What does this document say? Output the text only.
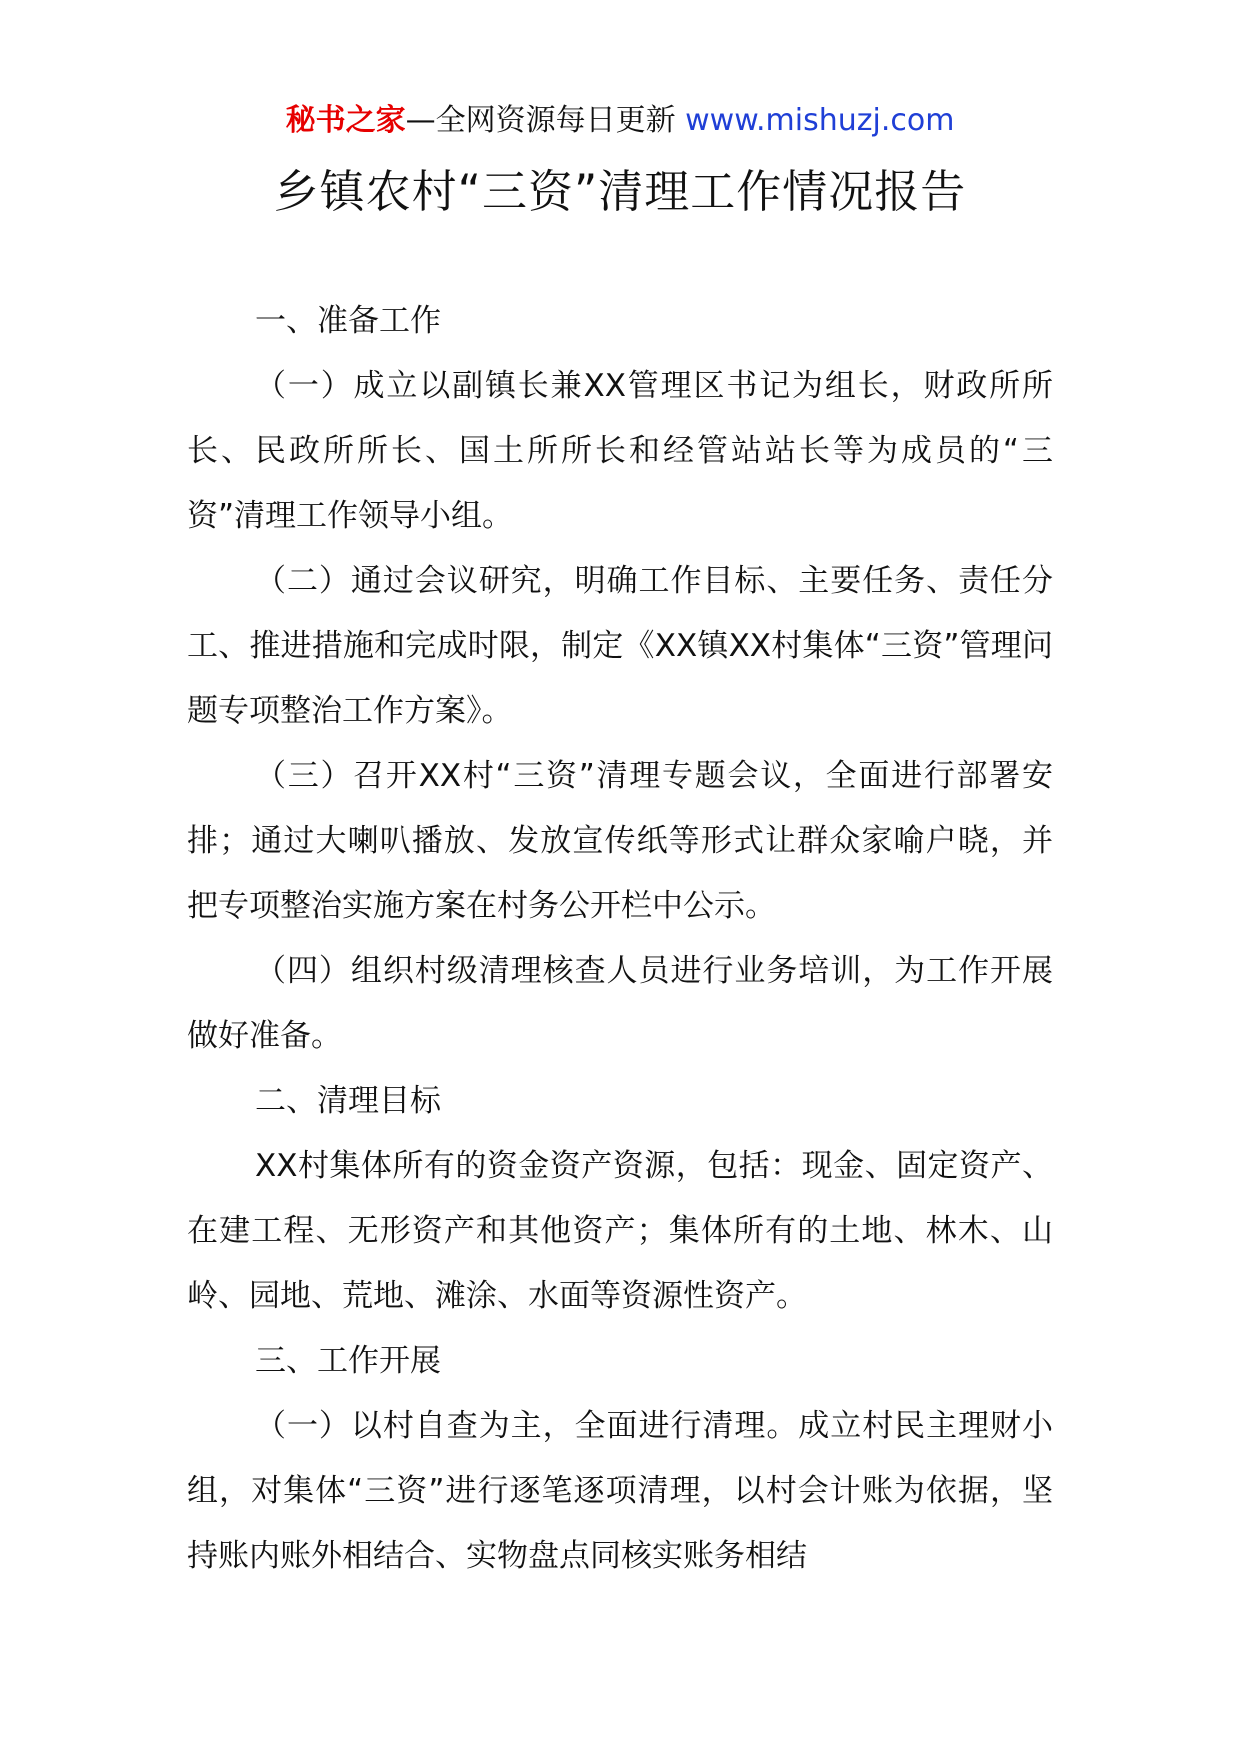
秘书之家—全网资源每日更新 www.mishuzj.com
乡镇农村“三资”清理工作情况报告
一、准备工作

（一）成立以副镇长兼XX管理区书记为组长，财政所所长、民政所所长、国土所所长和经管站站长等为成员的“三资”清理工作领导小组。

（二）通过会议研究，明确工作目标、主要任务、责任分工、推进措施和完成时限，制定《XX镇XX村集体“三资”管理问题专项整治工作方案》。

（三）召开XX村“三资”清理专题会议，全面进行部署安排；通过大喇叭播放、发放宣传纸等形式让群众家喻户晓，并把专项整治实施方案在村务公开栏中公示。

（四）组织村级清理核查人员进行业务培训，为工作开展做好准备。

二、清理目标

XX村集体所有的资金资产资源，包括：现金、固定资产、在建工程、无形资产和其他资产；集体所有的土地、林木、山岭、园地、荒地、滩涂、水面等资源性资产。

三、工作开展

（一）以村自查为主，全面进行清理。成立村民主理财小组，对集体“三资”进行逐笔逐项清理，以村会计账为依据，坚持账内账外相结合、实物盘点同核实账务相结
